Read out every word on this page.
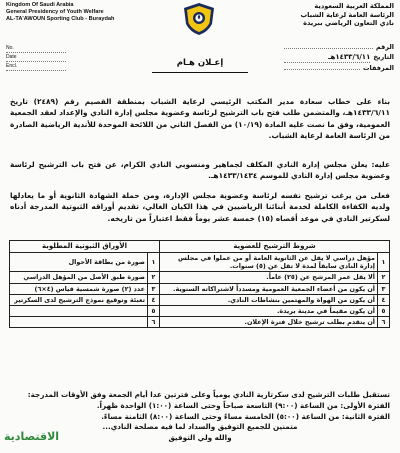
Kingdom Of Saudi Arabia
General Presidency of Youth Welfare
AL-TA'AWOUN Sporting Club - Buraydah
المملكة العربية السعودية
الرئاسة العامة لرعاية الشباب
نادي التعاون الرياضي ببريدة
No.
Date
Encl.
الرقم
التاريخ
١٤٣٣/٦/١١هـ
المرفقات
إعـلان هـام
بناء على خطاب سعادة مدير المكتب الرئيسي لرعاية الشباب بمنطقة القصيم رقم (٢٤٨٩) تاريخ ١٤٣٣/٦/١١هـ، والمتضمن طلب فتح باب الترشيح لرئاسة وعضوية مجلس إدارة النادي والإعداد لعقد الجمعية العمومية، وفق ما نصت عليه المادة (١٠/١٩) من الفصل الثاني من اللائحة الموحدة للأندية الرياضية الصادرة من الرئاسة العامة لرعاية الشباب.
عليه: يعلن مجلس إدارة النادي المكلف لجماهير ومنسوبي النادي الكرام، عن فتح باب الترشيح لرئاسة وعضوية مجلس إدارة النادي للموسم ١٤٣٣/١٤٣٤هـ.
فعلى من يرغب ترشيح نفسه لرئاسة وعضوية مجلس الإدارة، ومن حملة الشهادة الثانوية أو ما يعادلها ولديه الكفاءة الكاملة لخدمة أبنائنا الرياضيين في هذا الكيان الغالي، تقديم أوراقه الثبوتية المدرجة أدناه لسكرتير النادي في موعد أقصاه (١٥) خمسة عشر يوماً فقط اعتباراً من تاريخه.
شروط الترشيح للعضوية		الأوراق الثبوتية المطلوبة	
١	مؤهل دراسي لا يقل عن الثانوية العامة أو من عملوا في مجلس إدارة النادي سابقاً لمدة لا تقل عن (٥) سنوات.	١	صورة من بطاقة الأحوال
٢	ألا يقل عمر المرشح عن (٢٥) عاماً.	٢	صورة طبق الأصل من المؤهل الدراسي
٣	أن يكون من أعضاء الجمعية العمومية ومسدداً لاشتراكاته السنوية.	٣	عدد (٢) صورة شمسية قياس (٤×٦)
٤	أن يكون من الهواة والمهتمين بنشاطات النادي.	٤	تعبئة وتوقيع نموذج الترشيح لدى السكرتير
٥	أن يكون مقيماً في مدينة بريدة.	٥	
٦	أن يتقدم بطلب ترشيح خلال فترة الإعلان.	٦	
تستقبل طلبات الترشيح لدى سكرتارية النادي يومياً وعلى فترتين عدا أيام الجمعة وفق الأوقات المدرجة:
الفترة الأولى: من الساعة (٩:٠٠) التاسعة صباحاً وحتى الساعة (١:٠٠) الواحدة ظهراً.
الفترة الثانية: من الساعة (٥:٠٠) الخامسة مساءً وحتى الساعة (٨:٠٠) الثامنة مساءً.
متمنين للجميع التوفيق والسداد لما فيه مصلحة النادي...
والله ولي التوفيق
الاقتصادية
